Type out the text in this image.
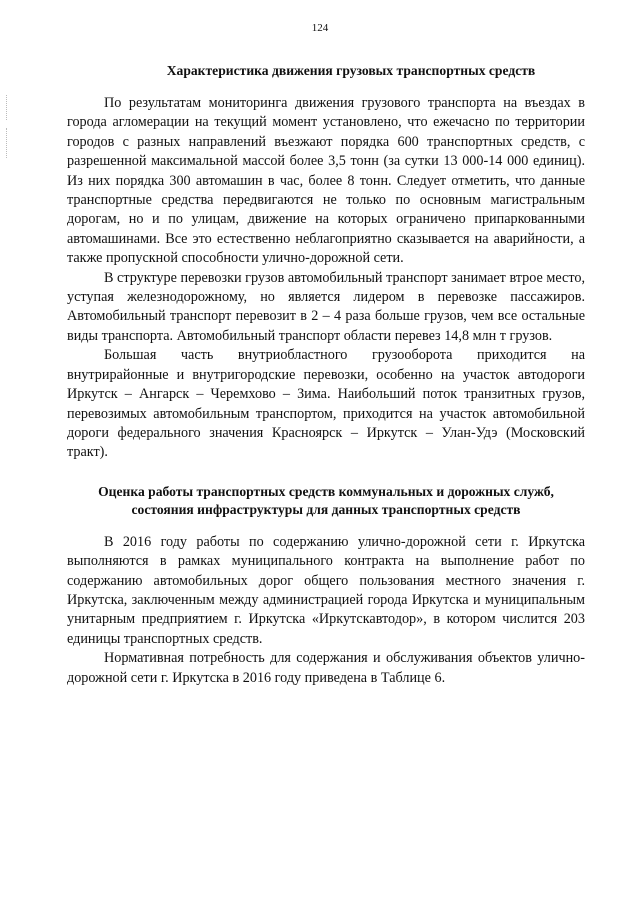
124
Характеристика движения грузовых транспортных средств

По результатам мониторинга движения грузового транспорта на въездах в города агломерации на текущий момент установлено, что ежечасно по территории городов с разных направлений въезжают порядка 600 транспортных средств, с разрешенной максимальной массой более 3,5 тонн (за сутки 13 000-14 000 единиц). Из них порядка 300 автомашин в час, более 8 тонн. Следует отметить, что данные транспортные средства передвигаются не только по основным магистральным дорогам, но и по улицам, движение на которых ограничено припаркованными автомашинами. Все это естественно неблагоприятно сказывается на аварийности, а также пропускной способности улично-дорожной сети.

В структуре перевозки грузов автомобильный транспорт занимает втрое место, уступая железнодорожному, но является лидером в перевозке пассажиров. Автомобильный транспорт перевозит в 2 – 4 раза больше грузов, чем все остальные виды транспорта. Автомобильный транспорт области перевез 14,8 млн т грузов.

Большая часть внутриобластного грузооборота приходится на внутрирайонные и внутригородские перевозки, особенно на участок автодороги Иркутск – Ангарск – Черемхово – Зима. Наибольший поток транзитных грузов, перевозимых автомобильным транспортом, приходится на участок автомобильной дороги федерального значения Красноярск – Иркутск – Улан-Удэ (Московский тракт).

Оценка работы транспортных средств коммунальных и дорожных служб, состояния инфраструктуры для данных транспортных средств

В 2016 году работы по содержанию улично-дорожной сети г. Иркутска выполняются в рамках муниципального контракта на выполнение работ по содержанию автомобильных дорог общего пользования местного значения г. Иркутска, заключенным между администрацией города Иркутска и муниципальным унитарным предприятием г. Иркутска «Иркутскавтодор», в котором числится 203 единицы транспортных средств.

Нормативная потребность для содержания и обслуживания объектов улично-дорожной сети г. Иркутска в 2016 году приведена в Таблице 6.
